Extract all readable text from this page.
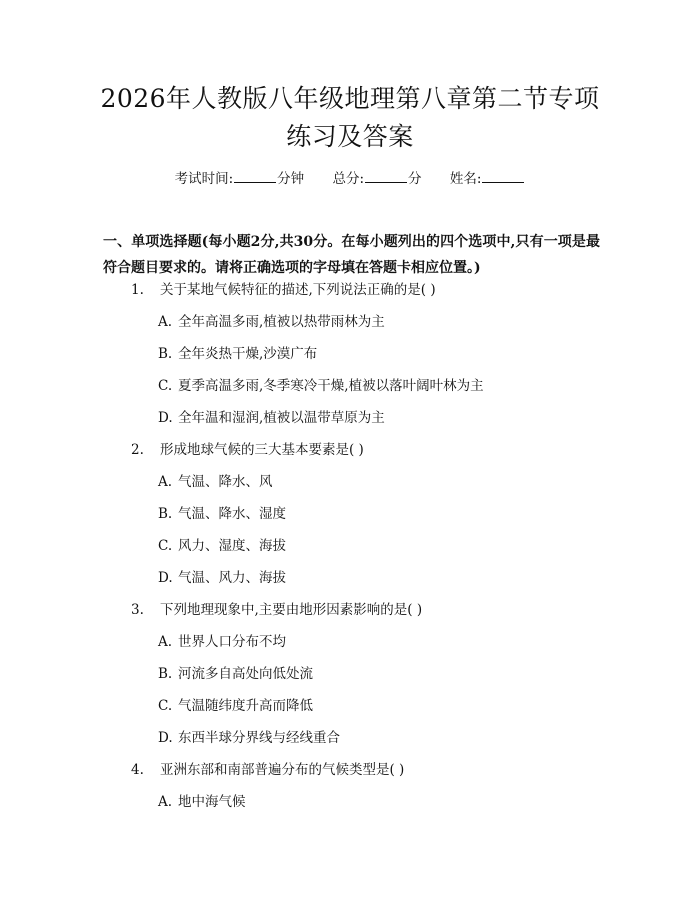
2026年人教版八年级地理第八章第二节专项
练习及答案
考试时间:	分钟 总分:	分 姓名:
一、单项选择题(每小题2分,共30分。在每小题列出的四个选项中,只有一项是最符合题目要求的。请将正确选项的字母填在答题卡相应位置。)
1. 关于某地气候特征的描述,下列说法正确的是( )
A. 全年高温多雨,植被以热带雨林为主
B. 全年炎热干燥,沙漠广布
C. 夏季高温多雨,冬季寒冷干燥,植被以落叶阔叶林为主
D. 全年温和湿润,植被以温带草原为主
2. 形成地球气候的三大基本要素是( )
A. 气温、降水、风
B. 气温、降水、湿度
C. 风力、湿度、海拔
D. 气温、风力、海拔
3. 下列地理现象中,主要由地形因素影响的是( )
A. 世界人口分布不均
B. 河流多自高处向低处流
C. 气温随纬度升高而降低
D. 东西半球分界线与经线重合
4. 亚洲东部和南部普遍分布的气候类型是( )
A. 地中海气候
